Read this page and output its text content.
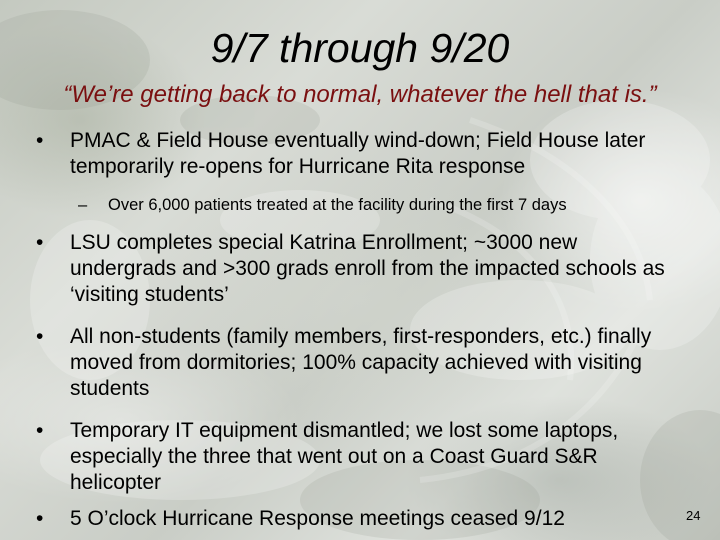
9/7 through 9/20
“We’re getting back to normal, whatever the hell that is.”
• PMAC & Field House eventually wind-down; Field House later temporarily re-opens for Hurricane Rita response
– Over 6,000 patients treated at the facility during the first 7 days
• LSU completes special Katrina Enrollment; ~3000 new undergrads and >300 grads enroll from the impacted schools as ‘visiting students’
• All non-students (family members, first-responders, etc.) finally moved from dormitories; 100% capacity achieved with visiting students
• Temporary IT equipment dismantled; we lost some laptops, especially the three that went out on a Coast Guard S&R helicopter
• 5 O’clock Hurricane Response meetings ceased 9/12	24
